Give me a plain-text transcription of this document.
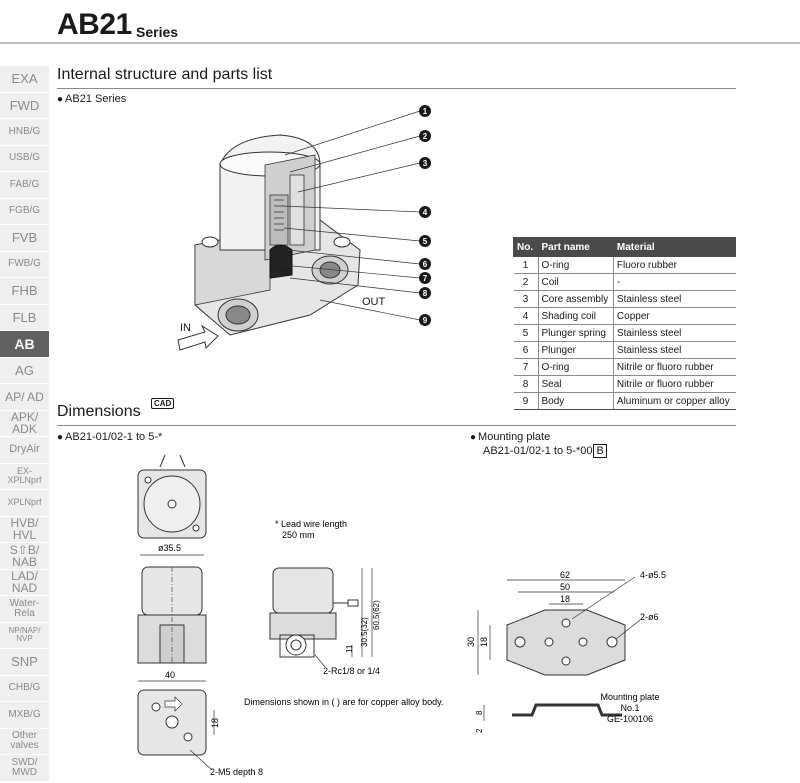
AB21 Series
EXA
FWD
HNB/G
USB/G
FAB/G
FGB/G
FVB
FWB/G
FHB
FLB
AB
AG
AP/ AD
APK/ ADK
DryAir
EX- XPLNprf
XPLNprf
HVB/ HVL
S⇧B/ NAB
LAD/ NAD
Water- Rela
NP/NAP/ NVP
SNP
CHB/G
MXB/G
Other valves
SWD/ MWD
Internal structure and parts list
● AB21 Series
1
2
3
4
5
6
7
8
9
IN
OUT
No.	Part name	Material
1	O-ring	Fluoro rubber
2	Coil	-
3	Core assembly	Stainless steel
4	Shading coil	Copper
5	Plunger spring	Stainless steel
6	Plunger	Stainless steel
7	O-ring	Nitrile or fluoro rubber
8	Seal	Nitrile or fluoro rubber
9	Body	Aluminum or copper alloy
Dimensions	CAD
● AB21-01/02-1 to 5-*
ø35.5
40
18
2-M5 depth 8
* Lead wire length
250 mm
11
30.5(32)
60.5(62)
2-Rc1/8 or 1/4
Dimensions shown in ( ) are for copper alloy body.
● Mounting plate
AB21-01/02-1 to 5-*00 B
62
50
18
4-ø5.5
2-ø6
30 18
8
2
Mounting plate
No.1
GE-100106
